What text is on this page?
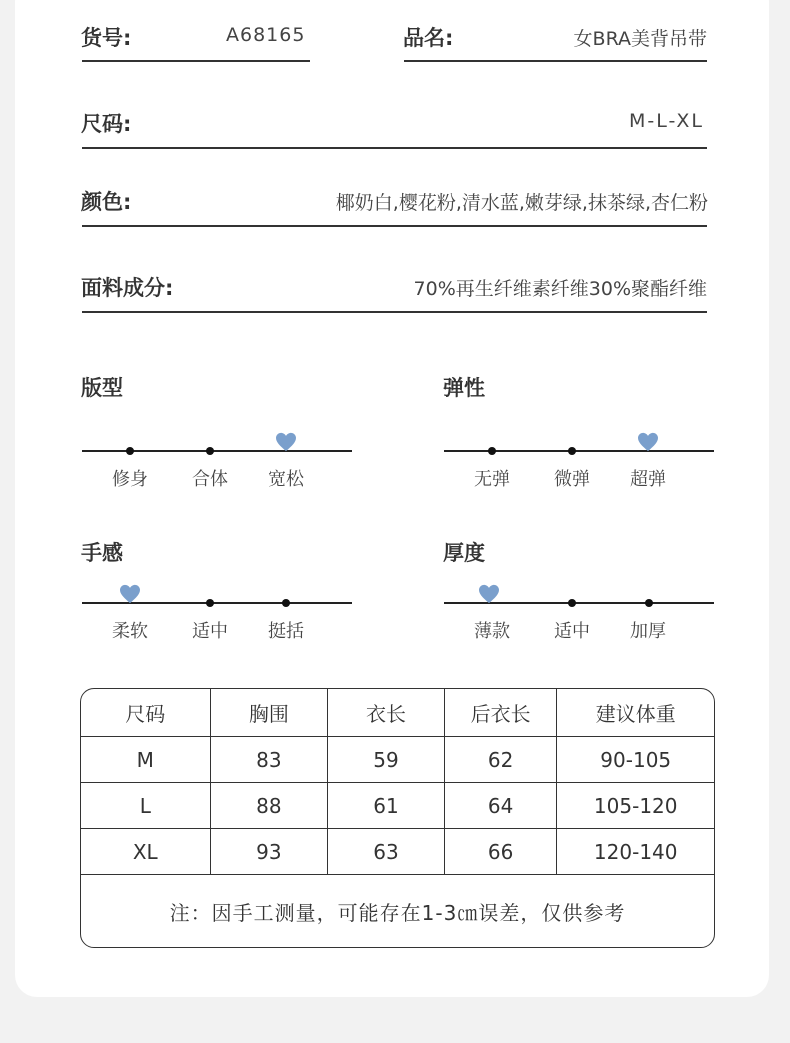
货号:	A68165	品名:	女BRA美背吊带
尺码:	M-L-XL
颜色:	椰奶白,樱花粉,清水蓝,嫩芽绿,抹茶绿,杏仁粉
面料成分:	70%再生纤维素纤维30%聚酯纤维
版型
修身	合体	宽松
弹性
无弹	微弹	超弹
手感
柔软	适中	挺括
厚度
薄款	适中	加厚
尺码	胸围	衣长	后衣长	建议体重
M	83	59	62	90-105
L	88	61	64	105-120
XL	93	63	66	120-140
注：因手工测量，可能存在1-3㎝误差，仅供参考				
